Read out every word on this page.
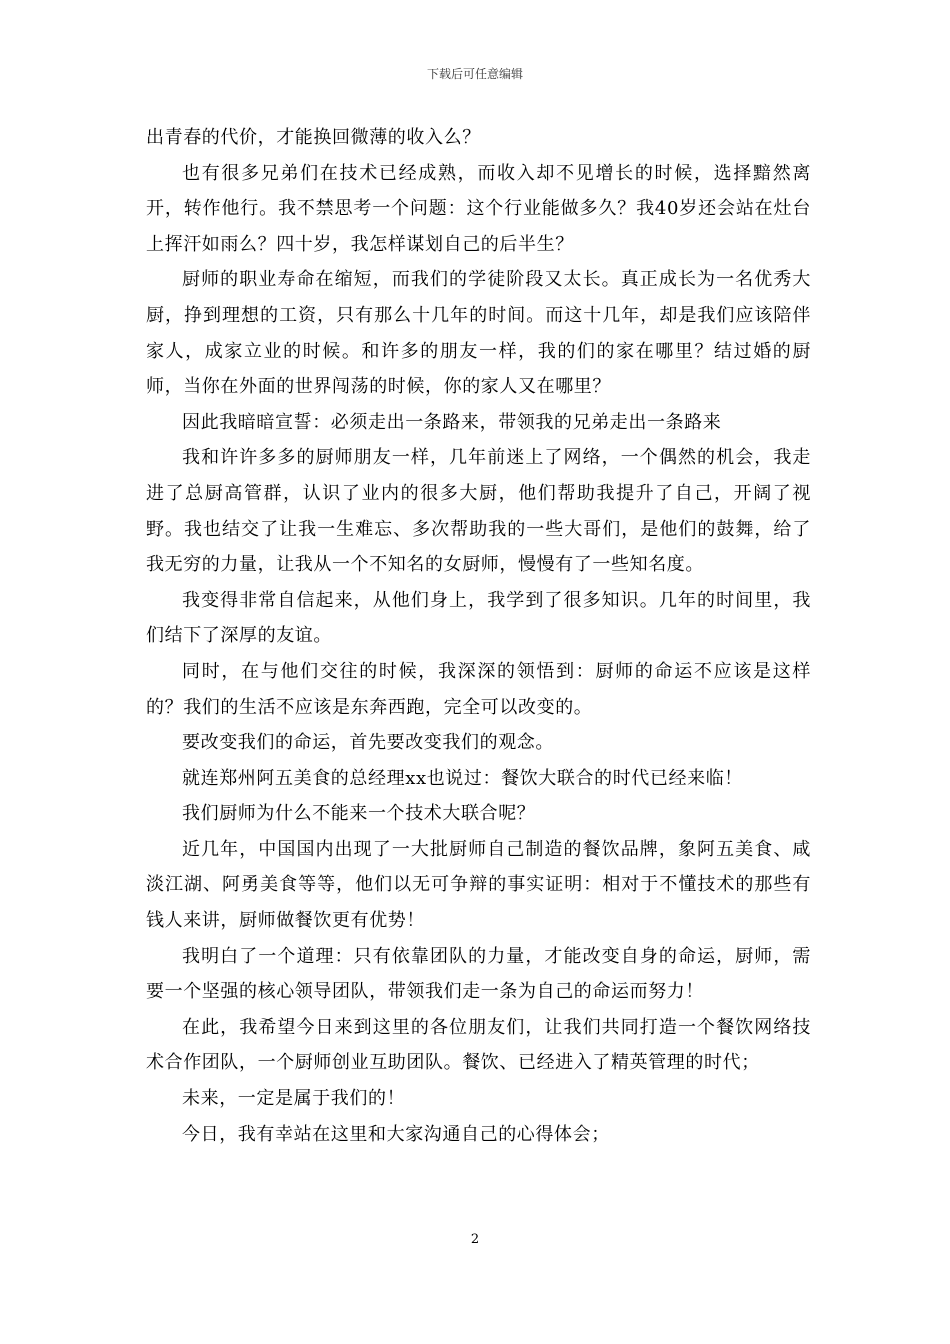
下载后可任意编辑

出青春的代价，才能换回微薄的收入么？

也有很多兄弟们在技术已经成熟，而收入却不见增长的时候，选择黯然离开，转作他行。我不禁思考一个问题：这个行业能做多久？我40岁还会站在灶台上挥汗如雨么？四十岁，我怎样谋划自己的后半生？

厨师的职业寿命在缩短，而我们的学徒阶段又太长。真正成长为一名优秀大厨，挣到理想的工资，只有那么十几年的时间。而这十几年，却是我们应该陪伴家人，成家立业的时候。和许多的朋友一样，我的们的家在哪里？结过婚的厨师，当你在外面的世界闯荡的时候，你的家人又在哪里？

因此我暗暗宣誓：必须走出一条路来，带领我的兄弟走出一条路来

我和许许多多的厨师朋友一样，几年前迷上了网络，一个偶然的机会，我走进了总厨高管群，认识了业内的很多大厨，他们帮助我提升了自己，开阔了视野。我也结交了让我一生难忘、多次帮助我的一些大哥们，是他们的鼓舞，给了我无穷的力量，让我从一个不知名的女厨师，慢慢有了一些知名度。

我变得非常自信起来，从他们身上，我学到了很多知识。几年的时间里，我们结下了深厚的友谊。

同时，在与他们交往的时候，我深深的领悟到：厨师的命运不应该是这样的？我们的生活不应该是东奔西跑，完全可以改变的。

要改变我们的命运，首先要改变我们的观念。

就连郑州阿五美食的总经理xx也说过：餐饮大联合的时代已经来临！

我们厨师为什么不能来一个技术大联合呢？

近几年，中国国内出现了一大批厨师自己制造的餐饮品牌，象阿五美食、咸淡江湖、阿勇美食等等，他们以无可争辩的事实证明：相对于不懂技术的那些有钱人来讲，厨师做餐饮更有优势！

我明白了一个道理：只有依靠团队的力量，才能改变自身的命运，厨师，需要一个坚强的核心领导团队，带领我们走一条为自己的命运而努力！

在此，我希望今日来到这里的各位朋友们，让我们共同打造一个餐饮网络技术合作团队，一个厨师创业互助团队。餐饮、已经进入了精英管理的时代；

未来，一定是属于我们的！

今日，我有幸站在这里和大家沟通自己的心得体会；

2
